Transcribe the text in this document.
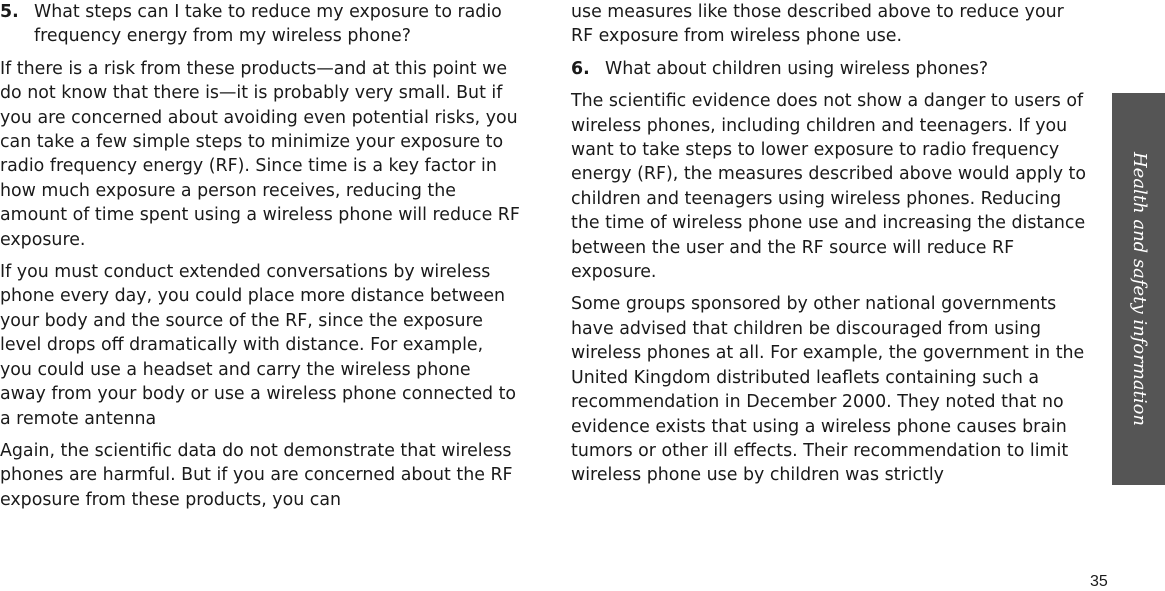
5. What steps can I take to reduce my exposure to radio frequency energy from my wireless phone?

If there is a risk from these products—and at this point we do not know that there is—it is probably very small. But if you are concerned about avoiding even potential risks, you can take a few simple steps to minimize your exposure to radio frequency energy (RF). Since time is a key factor in how much exposure a person receives, reducing the amount of time spent using a wireless phone will reduce RF exposure.

If you must conduct extended conversations by wireless phone every day, you could place more distance between your body and the source of the RF, since the exposure level drops off dramatically with distance. For example, you could use a headset and carry the wireless phone away from your body or use a wireless phone connected to a remote antenna

Again, the scientific data do not demonstrate that wireless phones are harmful. But if you are concerned about the RF exposure from these products, you can

use measures like those described above to reduce your RF exposure from wireless phone use.

6. What about children using wireless phones?

The scientific evidence does not show a danger to users of wireless phones, including children and teenagers. If you want to take steps to lower exposure to radio frequency energy (RF), the measures described above would apply to children and teenagers using wireless phones. Reducing the time of wireless phone use and increasing the distance between the user and the RF source will reduce RF exposure.

Some groups sponsored by other national governments have advised that children be discouraged from using wireless phones at all. For example, the government in the United Kingdom distributed leaflets containing such a recommendation in December 2000. They noted that no evidence exists that using a wireless phone causes brain tumors or other ill effects. Their recommendation to limit wireless phone use by children was strictly

Health and safety information
35
